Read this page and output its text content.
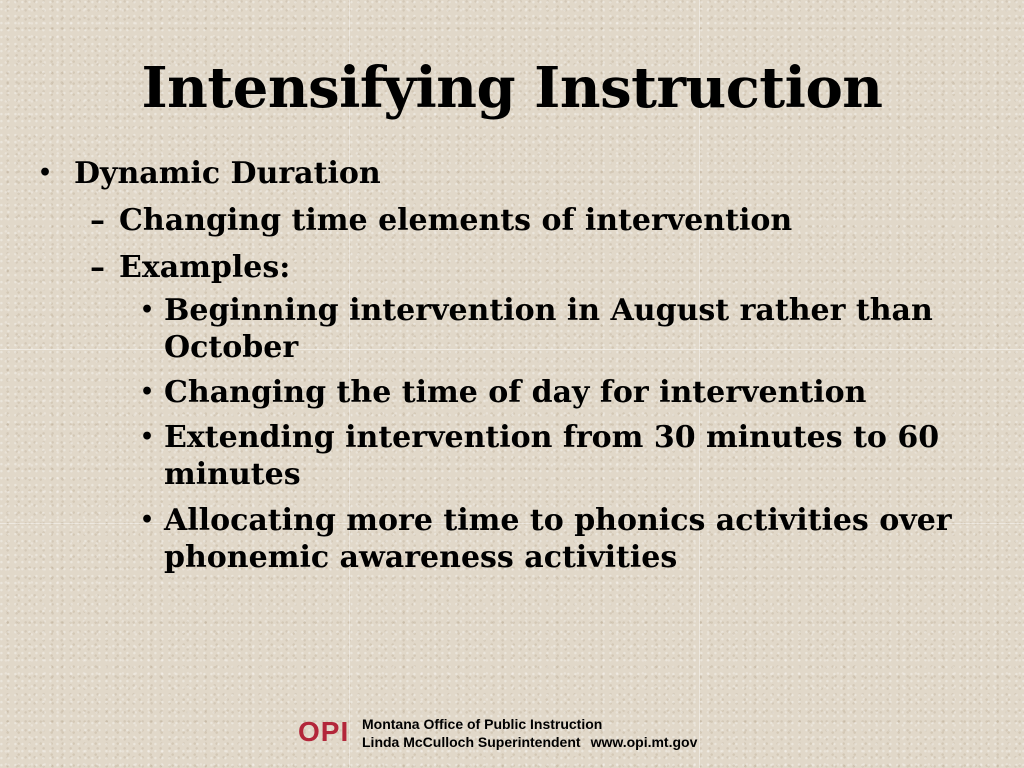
Intensifying Instruction
• Dynamic Duration
– Changing time elements of intervention
– Examples:
• Beginning intervention in August rather than October
• Changing the time of day for intervention
• Extending intervention from 30 minutes to 60 minutes
• Allocating more time to phonics activities over phonemic awareness activities
OPI Montana Office of Public Instruction
Linda McCulloch Superintendent www.opi.mt.gov
